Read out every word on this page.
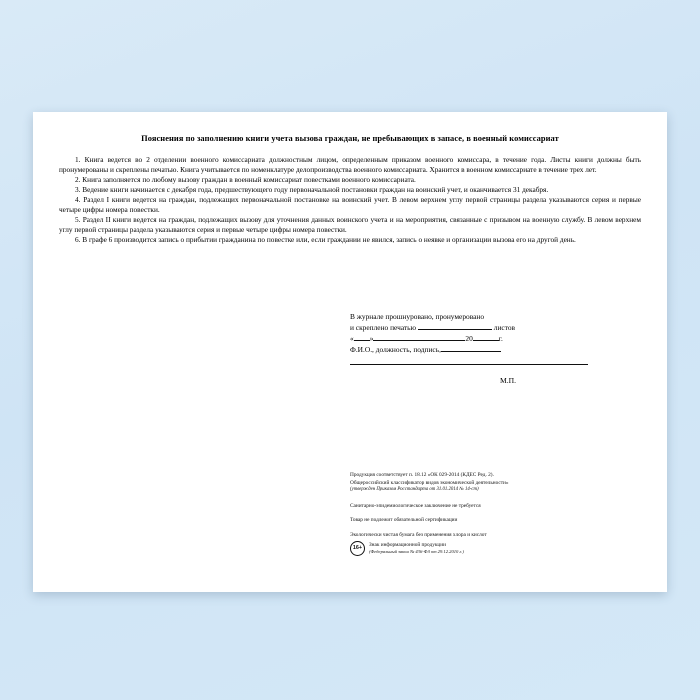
Пояснения по заполнению книги учета вызова граждан, не пребывающих в запасе, в военный комиссариат
1. Книга ведется во 2 отделении военного комиссариата должностным лицом, определенным приказом военного комиссара, в течение года. Листы книги должны быть пронумерованы и скреплены печатью. Книга учитывается по номенклатуре делопроизводства военного комиссариата. Хранится в военном комиссариате в течение трех лет.
2. Книга заполняется по любому вызову граждан в военный комиссариат повестками военного комиссариата.
3. Ведение книги начинается с декабря года, предшествующего году первоначальной постановки граждан на воинский учет, и оканчивается 31 декабря.
4. Раздел I книги ведется на граждан, подлежащих первоначальной постановке на воинский учет. В левом верхнем углу первой страницы раздела указываются серия и первые четыре цифры номера повестки.
5. Раздел II книги ведется на граждан, подлежащих вызову для уточнения данных воинского учета и на мероприятия, связанные с призывом на военную службу. В левом верхнем углу первой страницы раздела указываются серия и первые четыре цифры номера повестки.
6. В графе 6 производится запись о прибытии гражданина по повестке или, если граждании не явился, запись о неявке и организации вызова его на другой день.
В журнале прошнуровано, пронумеровано
и скреплено печатью	листов
« »	20	г.
Ф.И.О., должность, подпись,
М.П.
Продукция соответствует п. 18.12 «ОК 029-2014 (КДЕС Ред. 2).
Общероссийский классификатор видов экономической деятельности»
(утвержден Приказом Росстандарта от 31.01.2014 № 14-ст)
Санитарно-эпидемиологическое заключение не требуется
Товар не подлежит обязательной сертификации
Экологически чистая бумага без применения хлора и кислот
16+
Знак информационной продукции
(Федеральный закон № 436-ФЗ от 29.12.2010 г.)
